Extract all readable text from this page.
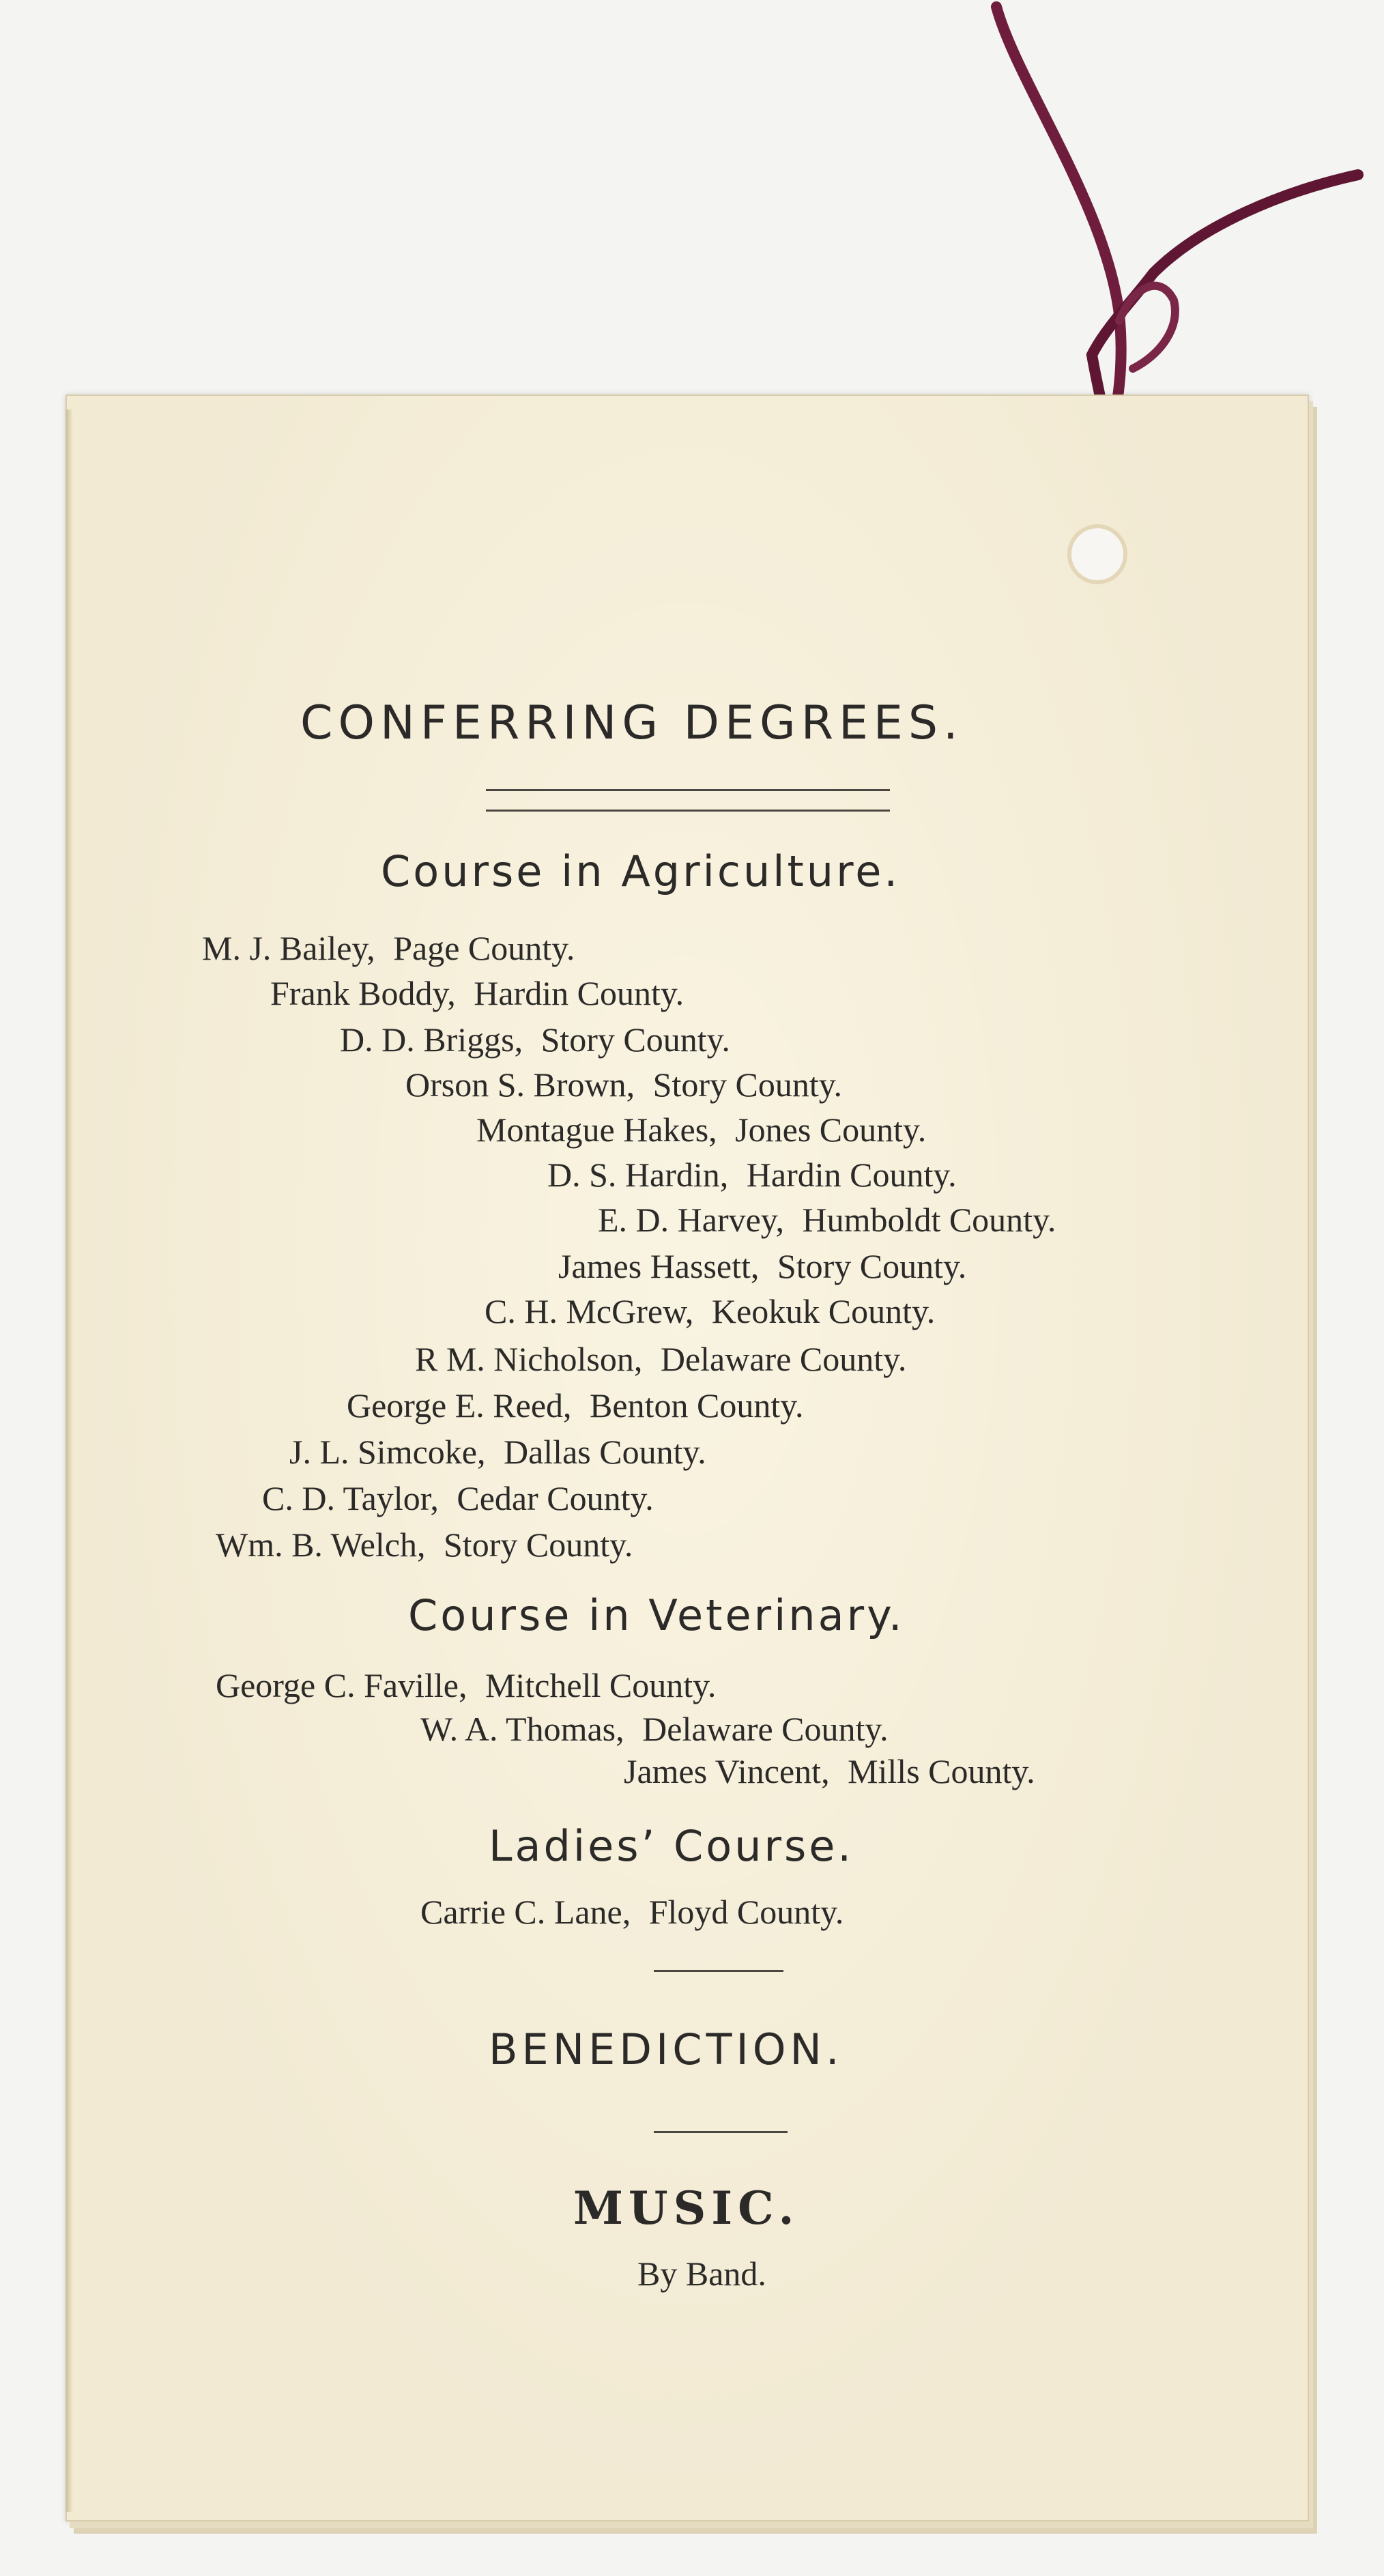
CONFERRING DEGREES.
Course in Agriculture.
M. J. Bailey, Page County.
Frank Boddy, Hardin County.
D. D. Briggs, Story County.
Orson S. Brown, Story County.
Montague Hakes, Jones County.
D. S. Hardin, Hardin County.
E. D. Harvey, Humboldt County.
James Hassett, Story County.
C. H. McGrew, Keokuk County.
R M. Nicholson, Delaware County.
George E. Reed, Benton County.
J. L. Simcoke, Dallas County.
C. D. Taylor, Cedar County.
Wm. B. Welch, Story County.
Course in Veterinary.
George C. Faville, Mitchell County.
W. A. Thomas, Delaware County.
James Vincent, Mills County.
Ladies’ Course.
Carrie C. Lane, Floyd County.
BENEDICTION.
MUSIC.
By Band.
